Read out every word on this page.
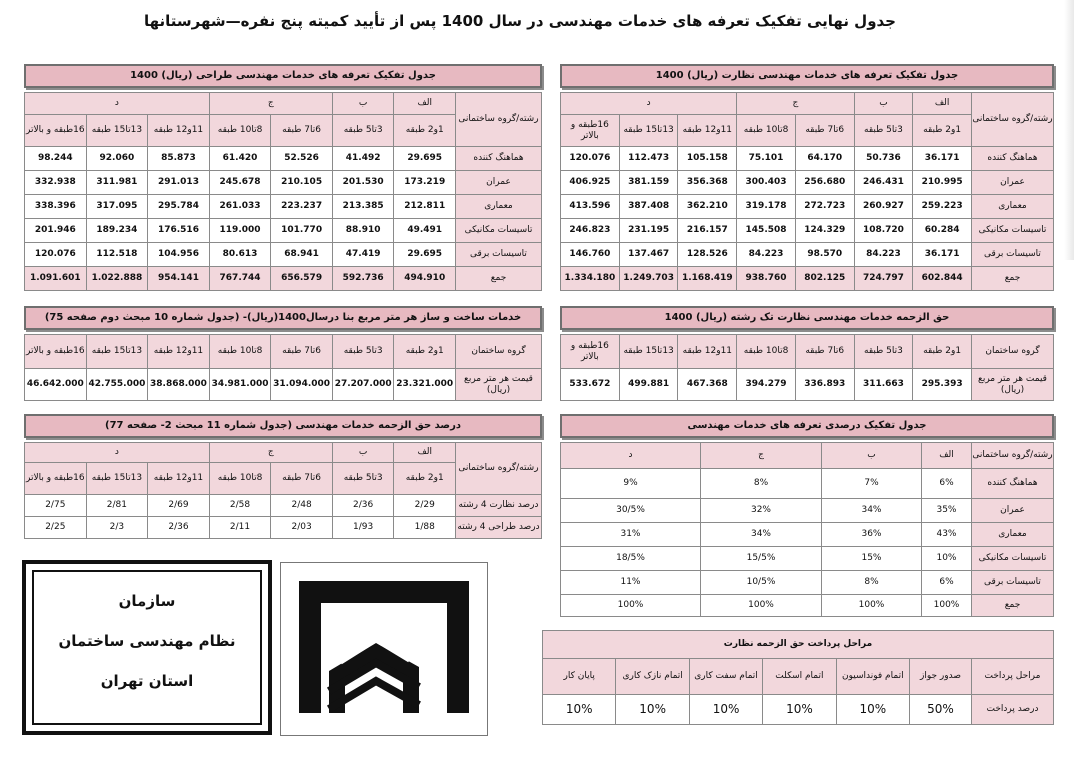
جدول نهایی تفکیک تعرفه های خدمات مهندسی در سال 1400 پس از تأیید کمیته پنج نفره—شهرستانها
جدول تفکیک تعرفه های خدمات مهندسی نظارت (ریال) 1400
رشته/گروه ساختمانی	الف	ب	ج		د		
	1و2 طبقه	3تا5 طبقه	6تا7 طبقه	8تا10 طبقه	11و12 طبقه	13تا15 طبقه	16طبقه و بالاتر
هماهنگ کننده	36.171	50.736	64.170	75.101	105.158	112.473	120.076
عمران	210.995	246.431	256.680	300.403	356.368	381.159	406.925
معماری	259.223	260.927	272.723	319.178	362.210	387.408	413.596
تاسیسات مکانیکی	60.284	108.720	124.329	145.508	216.157	231.195	246.823
تاسیسات برقی	36.171	84.223	98.570	84.223	128.526	137.467	146.760
جمع	602.844	724.797	802.125	938.760	1.168.419	1.249.703	1.334.180
جدول تفکیک تعرفه های خدمات مهندسی طراحی (ریال) 1400
رشته/گروه ساختمانی	الف	ب	ج		د		
	1و2 طبقه	3تا5 طبقه	6تا7 طبقه	8تا10 طبقه	11و12 طبقه	13تا15 طبقه	16طبقه و بالاتر
هماهنگ کننده	29.695	41.492	52.526	61.420	85.873	92.060	98.244
عمران	173.219	201.530	210.105	245.678	291.013	311.981	332.938
معماری	212.811	213.385	223.237	261.033	295.784	317.095	338.396
تاسیسات مکانیکی	49.491	88.910	101.770	119.000	176.516	189.234	201.946
تاسیسات برقی	29.695	47.419	68.941	80.613	104.956	112.518	120.076
جمع	494.910	592.736	656.579	767.744	954.141	1.022.888	1.091.601
حق الزحمه خدمات مهندسی نظارت تک رشته (ریال) 1400
گروه ساختمان	1و2 طبقه	3تا5 طبقه	6تا7 طبقه	8تا10 طبقه	11و12 طبقه	13تا15 طبقه	16طبقه و بالاتر
قیمت هر متر مربع (ریال)	295.393	311.663	336.893	394.279	467.368	499.881	533.672
خدمات ساخت و ساز هر متر مربع بنا درسال1400(ریال)- (جدول شماره 10 مبحث دوم صفحه 75)
گروه ساختمان	1و2 طبقه	3تا5 طبقه	6تا7 طبقه	8تا10 طبقه	11و12 طبقه	13تا15 طبقه	16طبقه و بالاتر
قیمت هر متر مربع (ریال)	23.321.000	27.207.000	31.094.000	34.981.000	38.868.000	42.755.000	46.642.000
جدول تفکیک درصدی تعرفه های خدمات مهندسی
رشته/گروه ساختمانی	الف	ب	ج	د
هماهنگ کننده	6%	7%	8%	9%
عمران	35%	34%	32%	30/5%
معماری	43%	36%	34%	31%
تاسیسات مکانیکی	10%	15%	15/5%	18/5%
تاسیسات برقی	6%	8%	10/5%	11%
جمع	100%	100%	100%	100%
درصد حق الزحمه خدمات مهندسی (جدول شماره 11 مبحث 2- صفحه 77)
رشته/گروه ساختمانی	الف	ب	ج		د		
	1و2 طبقه	3تا5 طبقه	6تا7 طبقه	8تا10 طبقه	11و12 طبقه	13تا15 طبقه	16طبقه و بالاتر
درصد نظارت 4 رشته	2/29	2/36	2/48	2/58	2/69	2/81	2/75
درصد طراحی 4 رشته	1/88	1/93	2/03	2/11	2/36	2/3	2/25
مراحل پرداخت حق الزحمه نظارت						
مراحل پرداخت	صدور جواز	اتمام فونداسیون	اتمام اسکلت	اتمام سفت کاری	اتمام نازک کاری	پایان کار
درصد پرداخت	50%	10%	10%	10%	10%	10%
سازمان
نظام مهندسی ساختمان
استان تهران
